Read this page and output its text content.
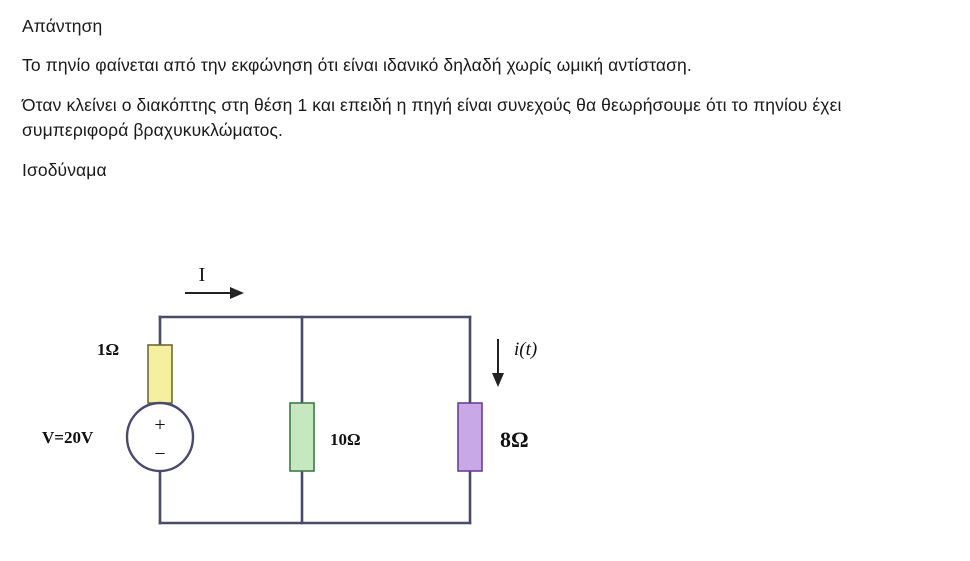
Απάντηση

Το πηνίο φαίνεται από την εκφώνηση ότι είναι ιδανικό δηλαδή χωρίς ωμική αντίσταση.

Όταν κλείνει ο διακόπτης στη θέση 1 και επειδή η πηγή είναι συνεχούς θα θεωρήσουμε ότι το πηνίου έχει συμπεριφορά βραχυκυκλώματος.

Ισοδύναμα

1Ω
+
−
V=20V	10Ω	8Ω
I
i(t)
